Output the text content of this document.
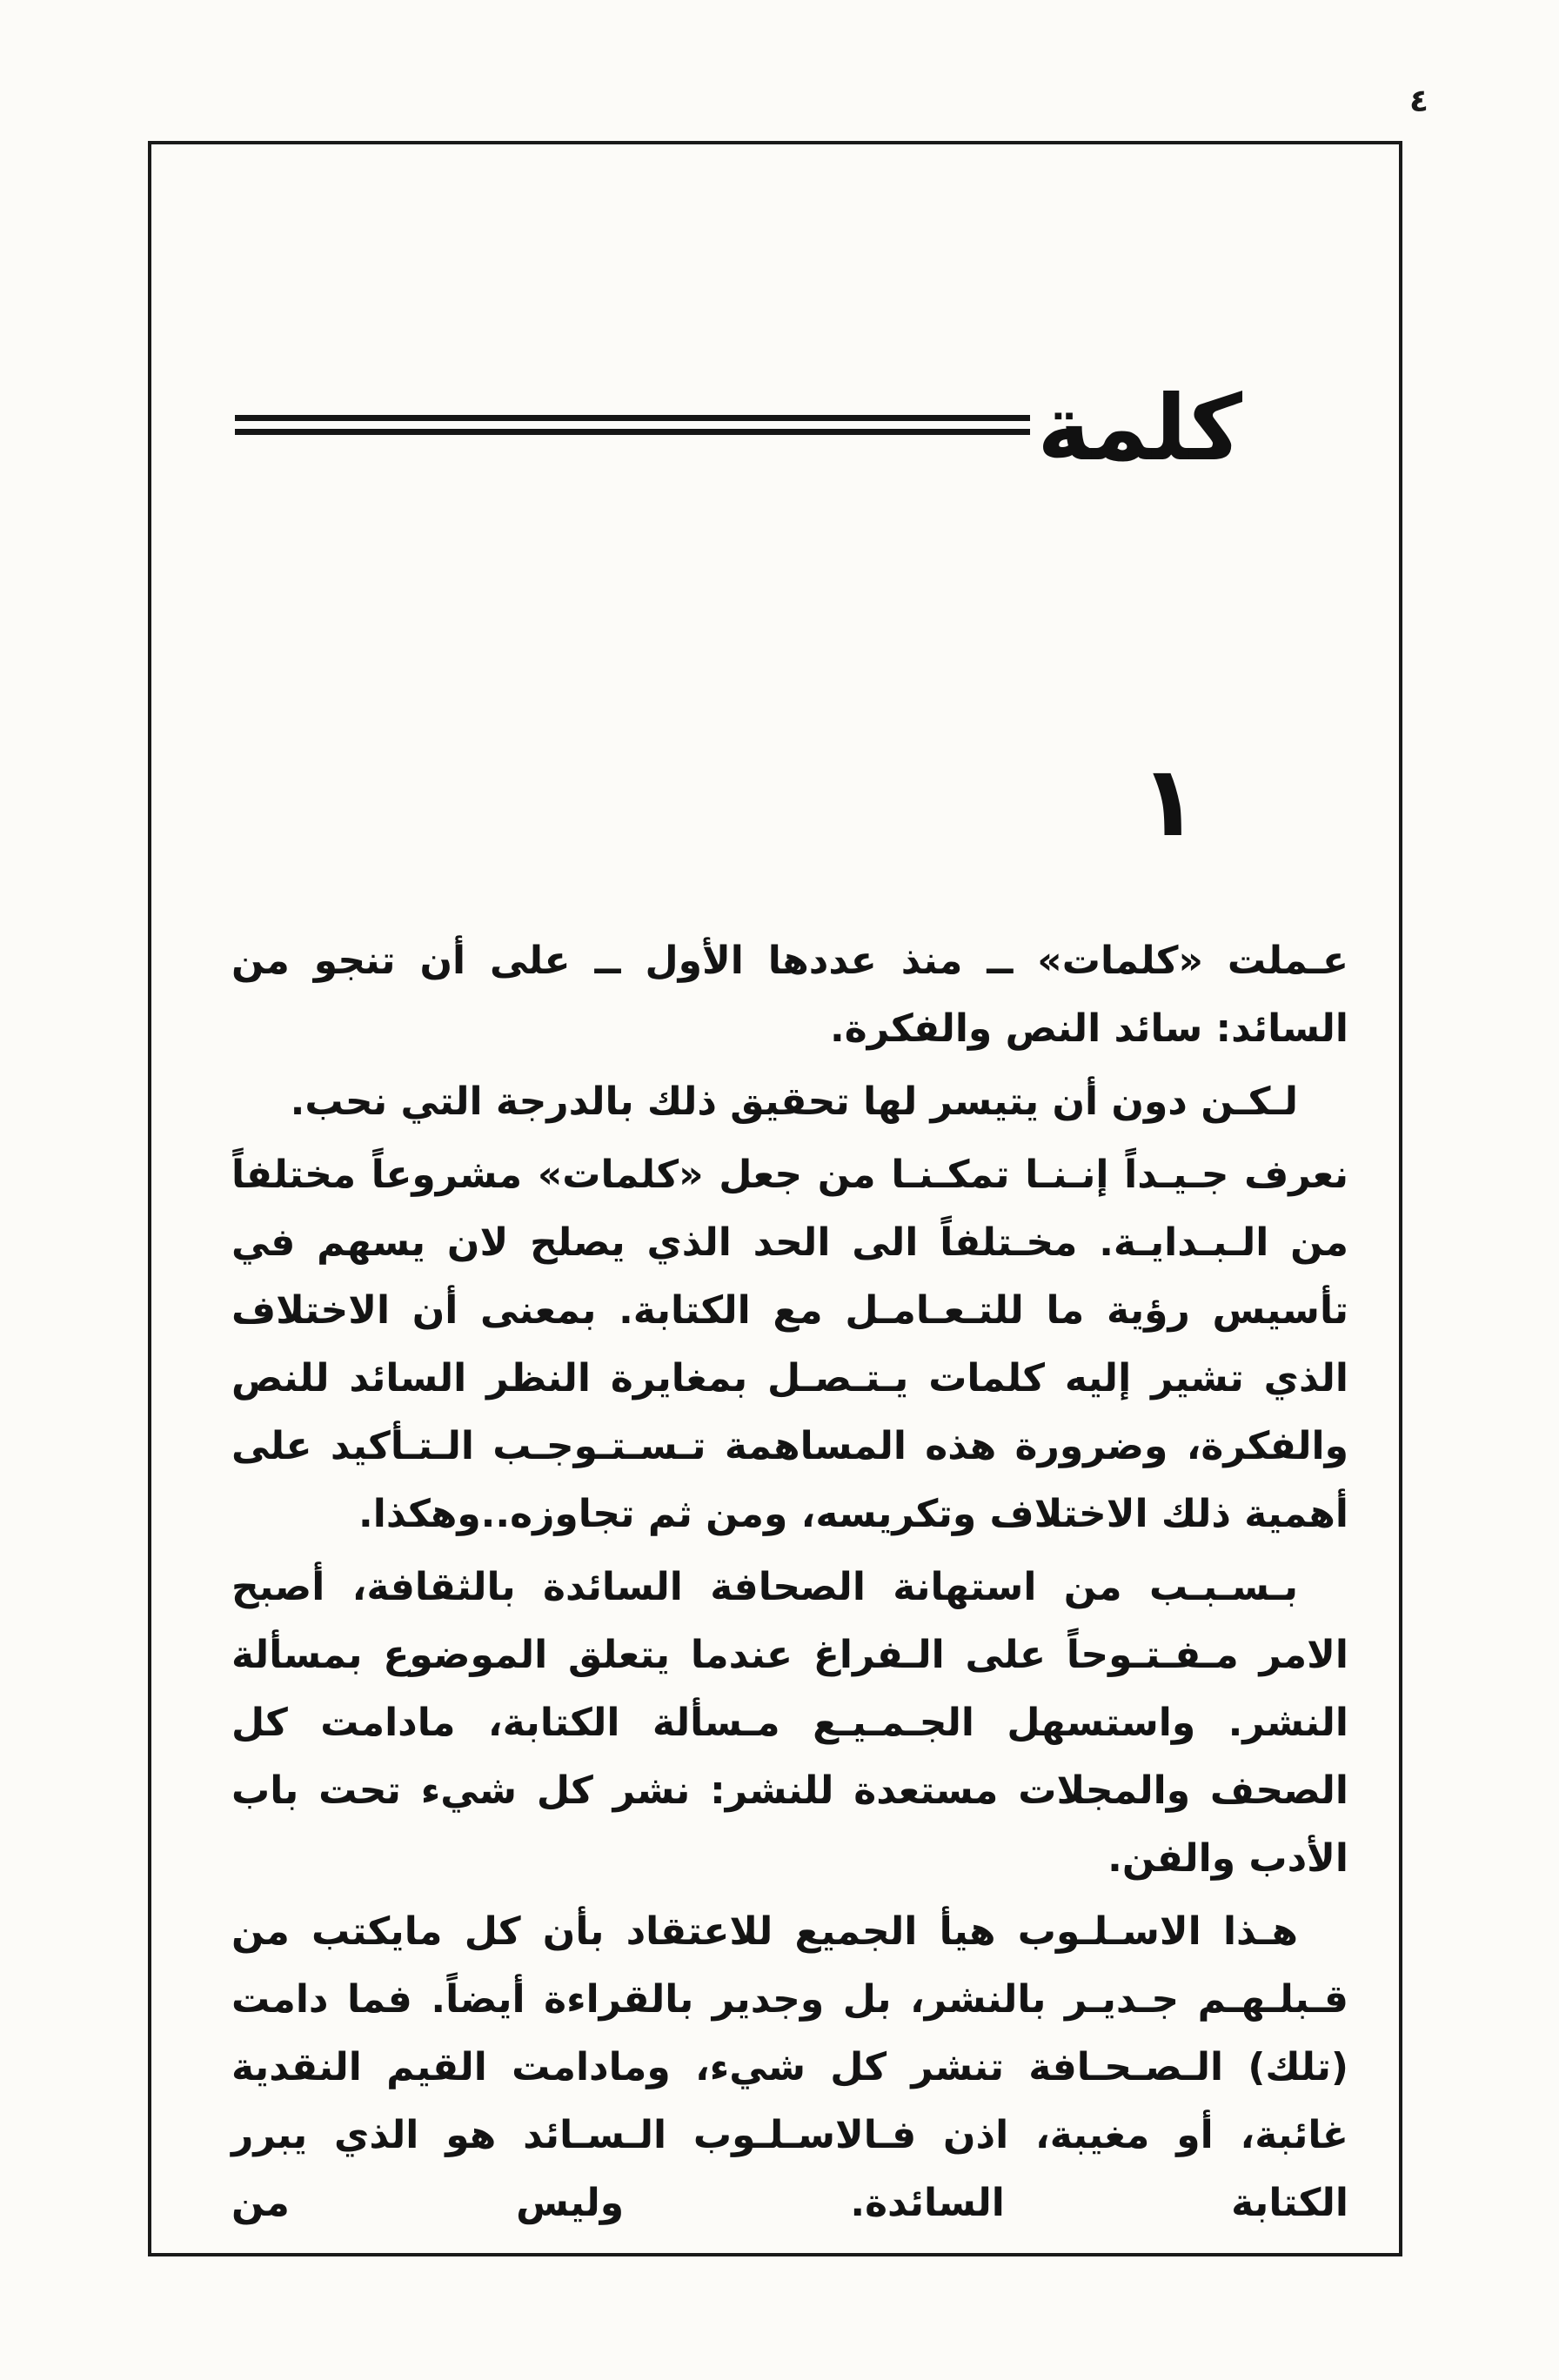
٤
كلمة
١

عـملت «كلمات» ــ منذ عددها الأول ــ على أن تنجو من السائد: سائد النص والفكرة.

لـكـن دون أن يتيسر لها تحقيق ذلك بالدرجة التي نحب.

نعرف جـيـداً إنـنـا تمكـنـا من جعل «كلمات» مشروعاً مختلفاً من الـبـدايـة. مخـتلفاً الى الحد الذي يصلح لان يسهم في تأسيس رؤية ما للتـعـامـل مع الكتابة. بمعنى أن الاختلاف الذي تشير إليه كلمات يـتـصـل بمغايرة النظر السائد للنص والفكرة، وضرورة هذه المساهمة تـسـتـوجـب الـتـأكيد على أهمية ذلك الاختلاف وتكريسه، ومن ثم تجاوزه..وهكذا.

بـسـبـب من استهانة الصحافة السائدة بالثقافة، أصبح الامر مـفـتـوحاً على الـفراغ عندما يتعلق الموضوع بمسألة النشر. واستسهل الجـمـيـع مـسألة الكتابة، مادامت كل الصحف والمجلات مستعدة للنشر: نشر كل شيء تحت باب الأدب والفن.

هـذا الاسـلـوب هيأ الجميع للاعتقاد بأن كل مايكتب من قـبلـهـم جـديـر بالنشر، بل وجدير بالقراءة أيضاً. فما دامت (تلك) الـصـحـافة تنشر كل شيء، ومادامت القيم النقدية غائبة، أو مغيبة، اذن فـالاسـلـوب الـسـائد هو الذي يبرر الكتابة السائدة. وليس من
